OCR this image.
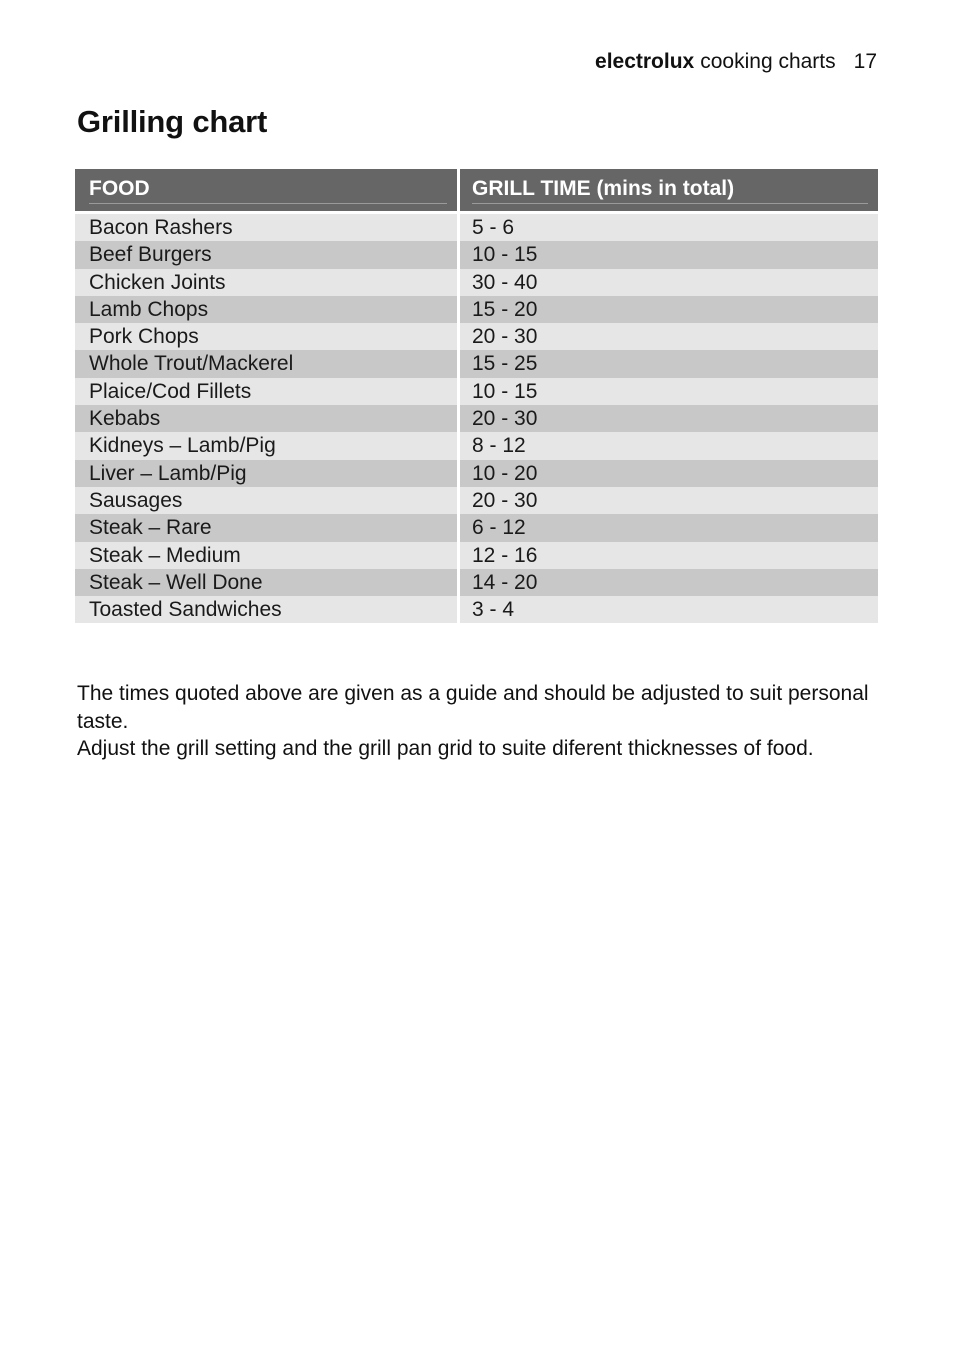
electrolux cooking charts 17
Grilling chart
FOOD	GRILL TIME (mins in total)
Bacon Rashers	5 - 6
Beef Burgers	10 - 15
Chicken Joints	30 - 40
Lamb Chops	15 - 20
Pork Chops	20 - 30
Whole Trout/Mackerel	15 - 25
Plaice/Cod Fillets	10 - 15
Kebabs	20 - 30
Kidneys – Lamb/Pig	8 - 12
Liver – Lamb/Pig	10 - 20
Sausages	20 - 30
Steak – Rare	6 - 12
Steak – Medium	12 - 16
Steak – Well Done	14 - 20
Toasted Sandwiches	3 - 4

The times quoted above are given as a guide and should be adjusted to suit personal taste.

Adjust the grill setting and the grill pan grid to suite diferent thicknesses of food.
